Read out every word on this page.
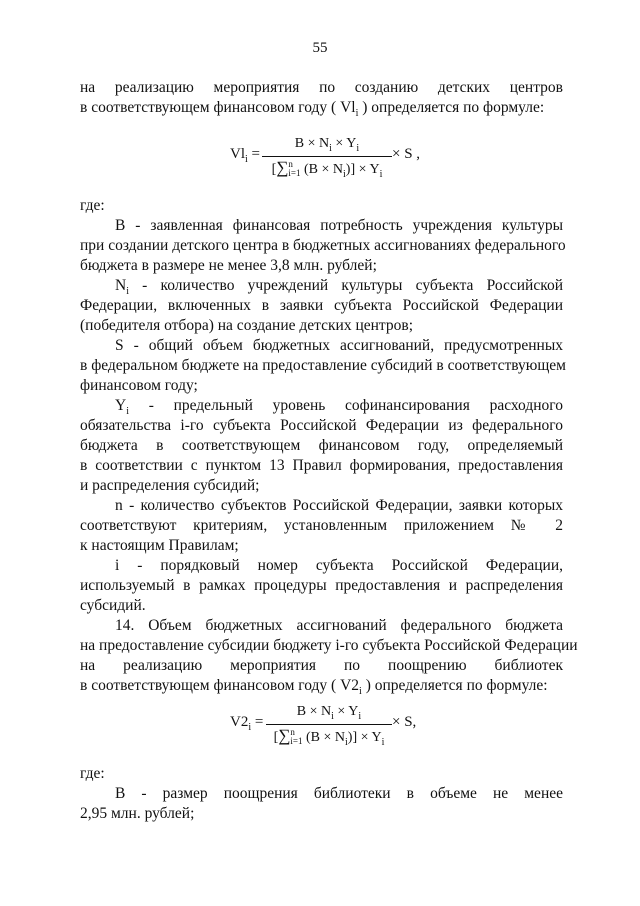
55
на реализацию мероприятия по созданию детских центров
в соответствующем финансовом году ( $Vl_i$ ) определяется по формуле:
$Vl_i$ =
$B \times N_i \times Y_i$
[∑n
i=1 $(B \times N_i)] \times Y_i$
× S ,
где:
В - заявленная финансовая потребность учреждения культуры
при создании детского центра в бюджетных ассигнованиях федерального
бюджета в размере не менее 3,8 млн. рублей;
$N_i$ - количество учреждений культуры субъекта Российской
Федерации, включенных в заявки субъекта Российской Федерации
(победителя отбора) на создание детских центров;
S - общий объем бюджетных ассигнований, предусмотренных
в федеральном бюджете на предоставление субсидий в соответствующем
финансовом году;
$Y_i$ - предельный уровень софинансирования расходного
обязательства i-го субъекта Российской Федерации из федерального
бюджета в соответствующем финансовом году, определяемый
в соответствии с пунктом 13 Правил формирования, предоставления
и распределения субсидий;
n - количество субъектов Российской Федерации, заявки которых
соответствуют критериям, установленным приложением № 2
к настоящим Правилам;
i - порядковый номер субъекта Российской Федерации,
используемый в рамках процедуры предоставления и распределения
субсидий.
14. Объем бюджетных ассигнований федерального бюджета
на предоставление субсидии бюджету i-го субъекта Российской Федерации
на реализацию мероприятия по поощрению библиотек
в соответствующем финансовом году ( $V2_i$ ) определяется по формуле:
$V2_i$ =
$B \times N_i \times Y_i$
[∑n
i=1 $(B \times N_i)] \times Y_i$
× S,
где:
В - размер поощрения библиотеки в объеме не менее
2,95 млн. рублей;
